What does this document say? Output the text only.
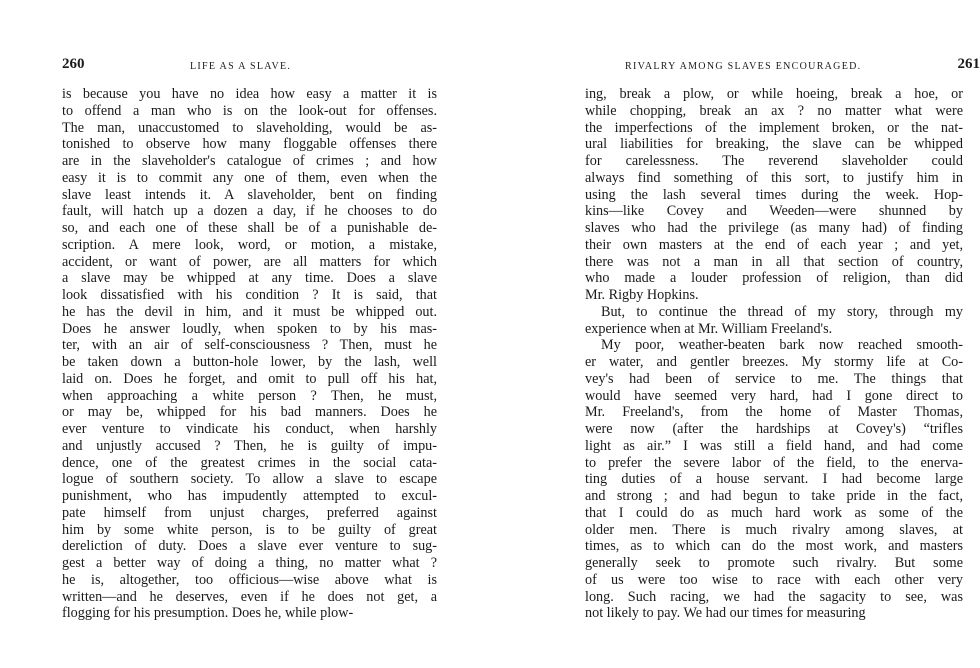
260	LIFE AS A SLAVE.
is because you have no idea how easy a matter it is
to offend a man who is on the look-out for offenses.
The man, unaccustomed to slaveholding, would be as-
tonished to observe how many floggable offenses there
are in the slaveholder's catalogue of crimes ; and how
easy it is to commit any one of them, even when the
slave least intends it. A slaveholder, bent on finding
fault, will hatch up a dozen a day, if he chooses to do
so, and each one of these shall be of a punishable de-
scription. A mere look, word, or motion, a mistake,
accident, or want of power, are all matters for which
a slave may be whipped at any time. Does a slave
look dissatisfied with his condition ? It is said, that
he has the devil in him, and it must be whipped out.
Does he answer loudly, when spoken to by his mas-
ter, with an air of self-consciousness ? Then, must he
be taken down a button-hole lower, by the lash, well
laid on. Does he forget, and omit to pull off his hat,
when approaching a white person ? Then, he must,
or may be, whipped for his bad manners. Does he
ever venture to vindicate his conduct, when harshly
and unjustly accused ? Then, he is guilty of impu-
dence, one of the greatest crimes in the social cata-
logue of southern society. To allow a slave to escape
punishment, who has impudently attempted to excul-
pate himself from unjust charges, preferred against
him by some white person, is to be guilty of great
dereliction of duty. Does a slave ever venture to sug-
gest a better way of doing a thing, no matter what ?
he is, altogether, too officious—wise above what is
written—and he deserves, even if he does not get, a
flogging for his presumption. Does he, while plow-
RIVALRY AMONG SLAVES ENCOURAGED.	261
ing, break a plow, or while hoeing, break a hoe, or
while chopping, break an ax ? no matter what were
the imperfections of the implement broken, or the nat-
ural liabilities for breaking, the slave can be whipped
for carelessness. The reverend slaveholder could
always find something of this sort, to justify him in
using the lash several times during the week. Hop-
kins—like Covey and Weeden—were shunned by
slaves who had the privilege (as many had) of finding
their own masters at the end of each year ; and yet,
there was not a man in all that section of country,
who made a louder profession of religion, than did
Mr. Rigby Hopkins.
But, to continue the thread of my story, through my
experience when at Mr. William Freeland's.
My poor, weather-beaten bark now reached smooth-
er water, and gentler breezes. My stormy life at Co-
vey's had been of service to me. The things that
would have seemed very hard, had I gone direct to
Mr. Freeland's, from the home of Master Thomas,
were now (after the hardships at Covey's) “trifles
light as air.” I was still a field hand, and had come
to prefer the severe labor of the field, to the enerva-
ting duties of a house servant. I had become large
and strong ; and had begun to take pride in the fact,
that I could do as much hard work as some of the
older men. There is much rivalry among slaves, at
times, as to which can do the most work, and masters
generally seek to promote such rivalry. But some
of us were too wise to race with each other very
long. Such racing, we had the sagacity to see, was
not likely to pay. We had our times for measuring
